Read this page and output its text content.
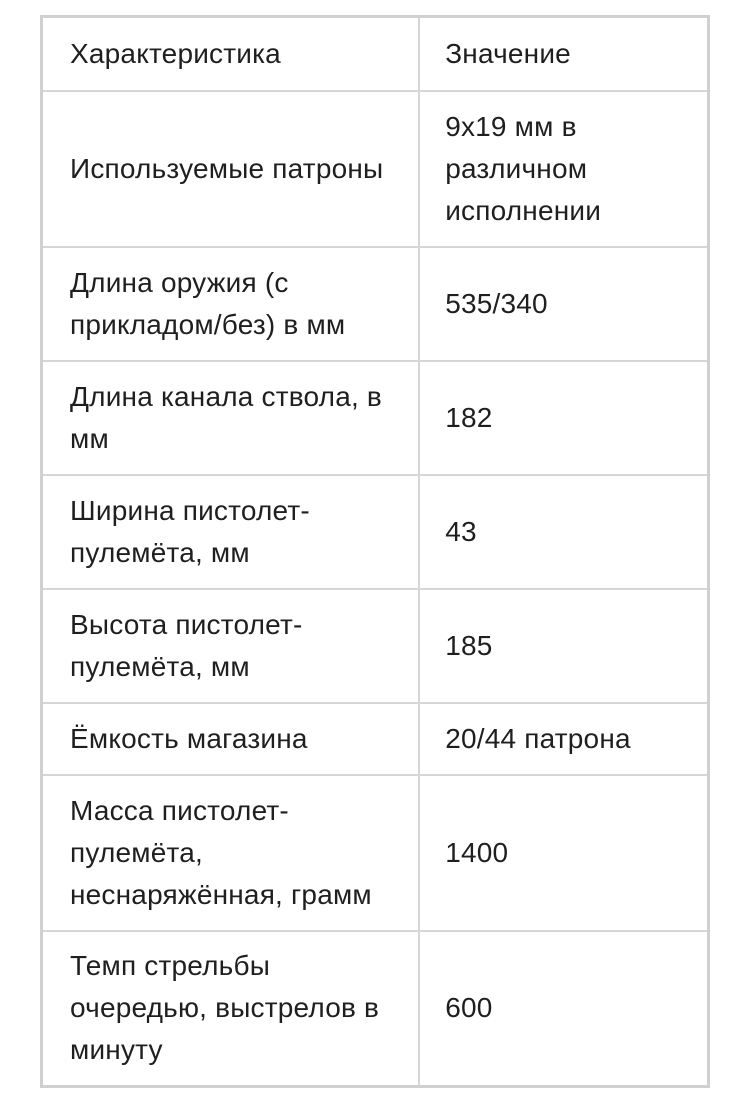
Характеристика	Значение
Используемые патроны	9x19 мм в различном исполнении
Длина оружия (с прикладом/без) в мм	535/340
Длина канала ствола, в мм	182
Ширина пистолет-пулемёта, мм	43
Высота пистолет-пулемёта, мм	185
Ёмкость магазина	20/44 патрона
Масса пистолет-пулемёта, неснаряжённая, грамм	1400
Темп стрельбы очередью, выстрелов в минуту	600
